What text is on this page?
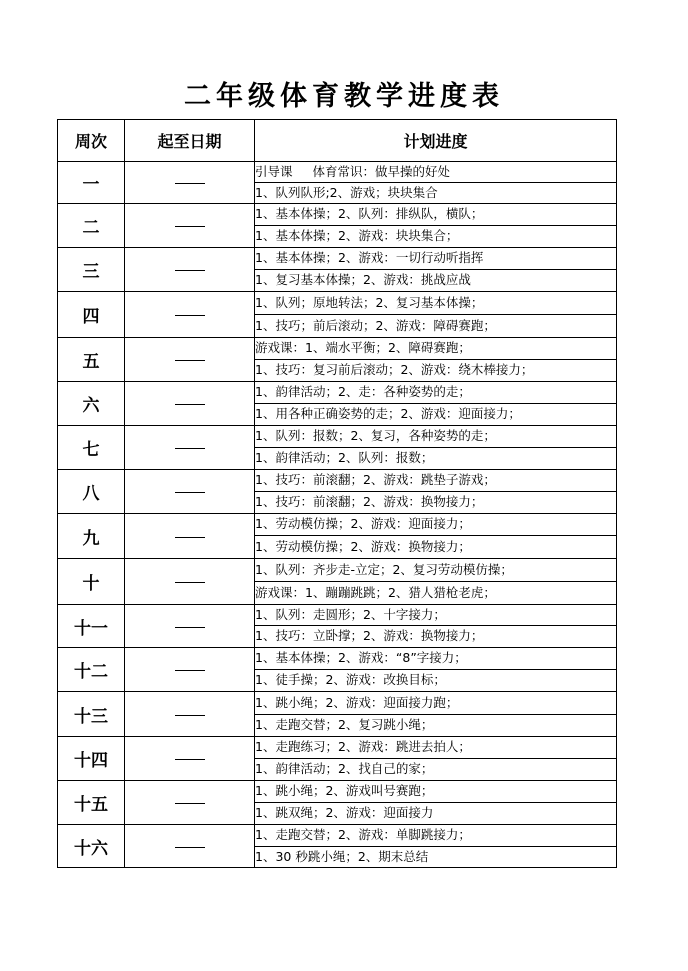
二年级体育教学进度表
周次	起至日期	计划进度
一		引导课 体育常识：做早操的好处
		1、队列队形;2、游戏；块块集合
二		1、基本体操；2、队列：排纵队，横队；
		1、基本体操；2、游戏：块块集合；
三		1、基本体操；2、游戏：一切行动听指挥
		1、复习基本体操；2、游戏：挑战应战
四		1、队列；原地转法；2、复习基本体操；
		1、技巧；前后滚动；2、游戏：障碍赛跑；
五		游戏课：1、端水平衡；2、障碍赛跑；
		1、技巧：复习前后滚动；2、游戏：绕木棒接力；
六		1、韵律活动；2、走：各种姿势的走；
		1、用各种正确姿势的走；2、游戏：迎面接力；
七		1、队列：报数；2、复习，各种姿势的走；
		1、韵律活动；2、队列：报数；
八		1、技巧：前滚翻；2、游戏：跳垫子游戏；
		1、技巧：前滚翻；2、游戏：换物接力；
九		1、劳动模仿操；2、游戏：迎面接力；
		1、劳动模仿操；2、游戏：换物接力；
十		1、队列：齐步走-立定；2、复习劳动模仿操；
		游戏课：1、蹦蹦跳跳；2、猎人猎枪老虎；
十一		1、队列：走圆形；2、十字接力；
		1、技巧：立卧撑；2、游戏：换物接力；
十二		1、基本体操；2、游戏：“8”字接力；
		1、徒手操；2、游戏：改换目标；
十三		1、跳小绳；2、游戏：迎面接力跑；
		1、走跑交替；2、复习跳小绳；
十四		1、走跑练习；2、游戏：跳进去拍人；
		1、韵律活动；2、找自己的家；
十五		1、跳小绳；2、游戏叫号赛跑；
		1、跳双绳；2、游戏：迎面接力
十六		1、走跑交替；2、游戏：单脚跳接力；
		1、30 秒跳小绳；2、期末总结
